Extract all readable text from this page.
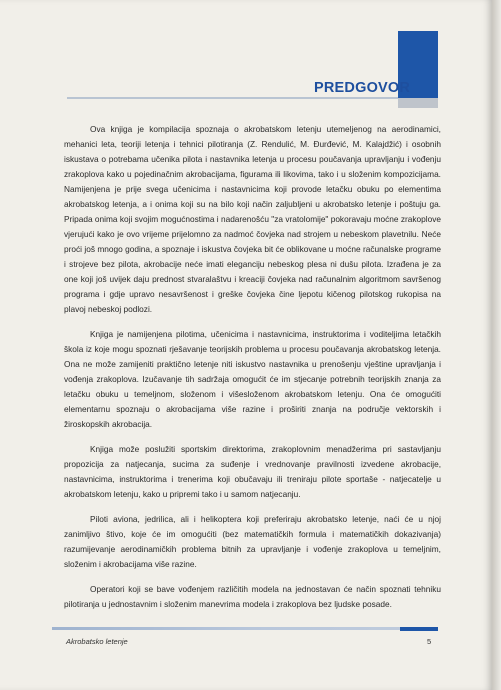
PREDGOVOR

Ova knjiga je kompilacija spoznaja o akrobatskom letenju utemeljenog na aerodinamici, mehanici leta, teoriji letenja i tehnici pilotiranja (Z. Rendulić, M. Đurđević, M. Kalajdžić) i osobnih iskustava o potrebama učenika pilota i nastavnika letenja u procesu poučavanja upravljanju i vođenju zrakoplova kako u pojedinačnim akrobacijama, figurama ili likovima, tako i u složenim kompozicijama. Namijenjena je prije svega učenicima i nastavnicima koji provode letačku obuku po elementima akrobatskog letenja, a i onima koji su na bilo koji način zaljubljeni u akrobatsko letenje i poštuju ga. Pripada onima koji svojim mogućnostima i nadarenošću "za vratolomije" pokoravaju moćne zrakoplove vjerujući kako je ovo vrijeme prijelomno za nadmoć čovjeka nad strojem u nebeskom plavetnilu. Neće proći još mnogo godina, a spoznaje i iskustva čovjeka bit će oblikovane u moćne računalske programe i strojeve bez pilota, akrobacije neće imati eleganciju nebeskog plesa ni dušu pilota. Izrađena je za one koji još uvijek daju prednost stvaralaštvu i kreaciji čovjeka nad računalnim algoritmom savršenog programa i gdje upravo nesavršenost i greške čovjeka čine ljepotu kičenog pilotskog rukopisa na plavoj nebeskoj podlozi.

Knjiga je namijenjena pilotima, učenicima i nastavnicima, instruktorima i voditeljima letačkih škola iz koje mogu spoznati rješavanje teorijskih problema u procesu poučavanja akrobatskog letenja. Ona ne može zamijeniti praktično letenje niti iskustvo nastavnika u prenošenju vještine upravljanja i vođenja zrakoplova. Izučavanje tih sadržaja omogućit će im stjecanje potrebnih teorijskih znanja za letačku obuku u temeljnom, složenom i višesloženom akrobatskom letenju. Ona će omogućiti elementarnu spoznaju o akrobacijama više razine i proširiti znanja na područje vektorskih i žiroskopskih akrobacija.

Knjiga može poslužiti sportskim direktorima, zrakoplovnim menadžerima pri sastavljanju propozicija za natjecanja, sucima za suđenje i vrednovanje pravilnosti izvedene akrobacije, nastavnicima, instruktorima i trenerima koji obučavaju ili treniraju pilote sportaše - natjecatelje u akrobatskom letenju, kako u pripremi tako i u samom natjecanju.

Piloti aviona, jedrilica, ali i helikoptera koji preferiraju akrobatsko letenje, naći će u njoj zanimljivo štivo, koje će im omogućiti (bez matematičkih formula i matematičkih dokazivanja) razumijevanje aerodinamičkih problema bitnih za upravljanje i vođenje zrakoplova u temeljnim, složenim i akrobacijama više razine.

Operatori koji se bave vođenjem različitih modela na jednostavan će način spoznati tehniku pilotiranja u jednostavnim i složenim manevrima modela i zrakoplova bez ljudske posade.

Akrobatsko letenje	5
